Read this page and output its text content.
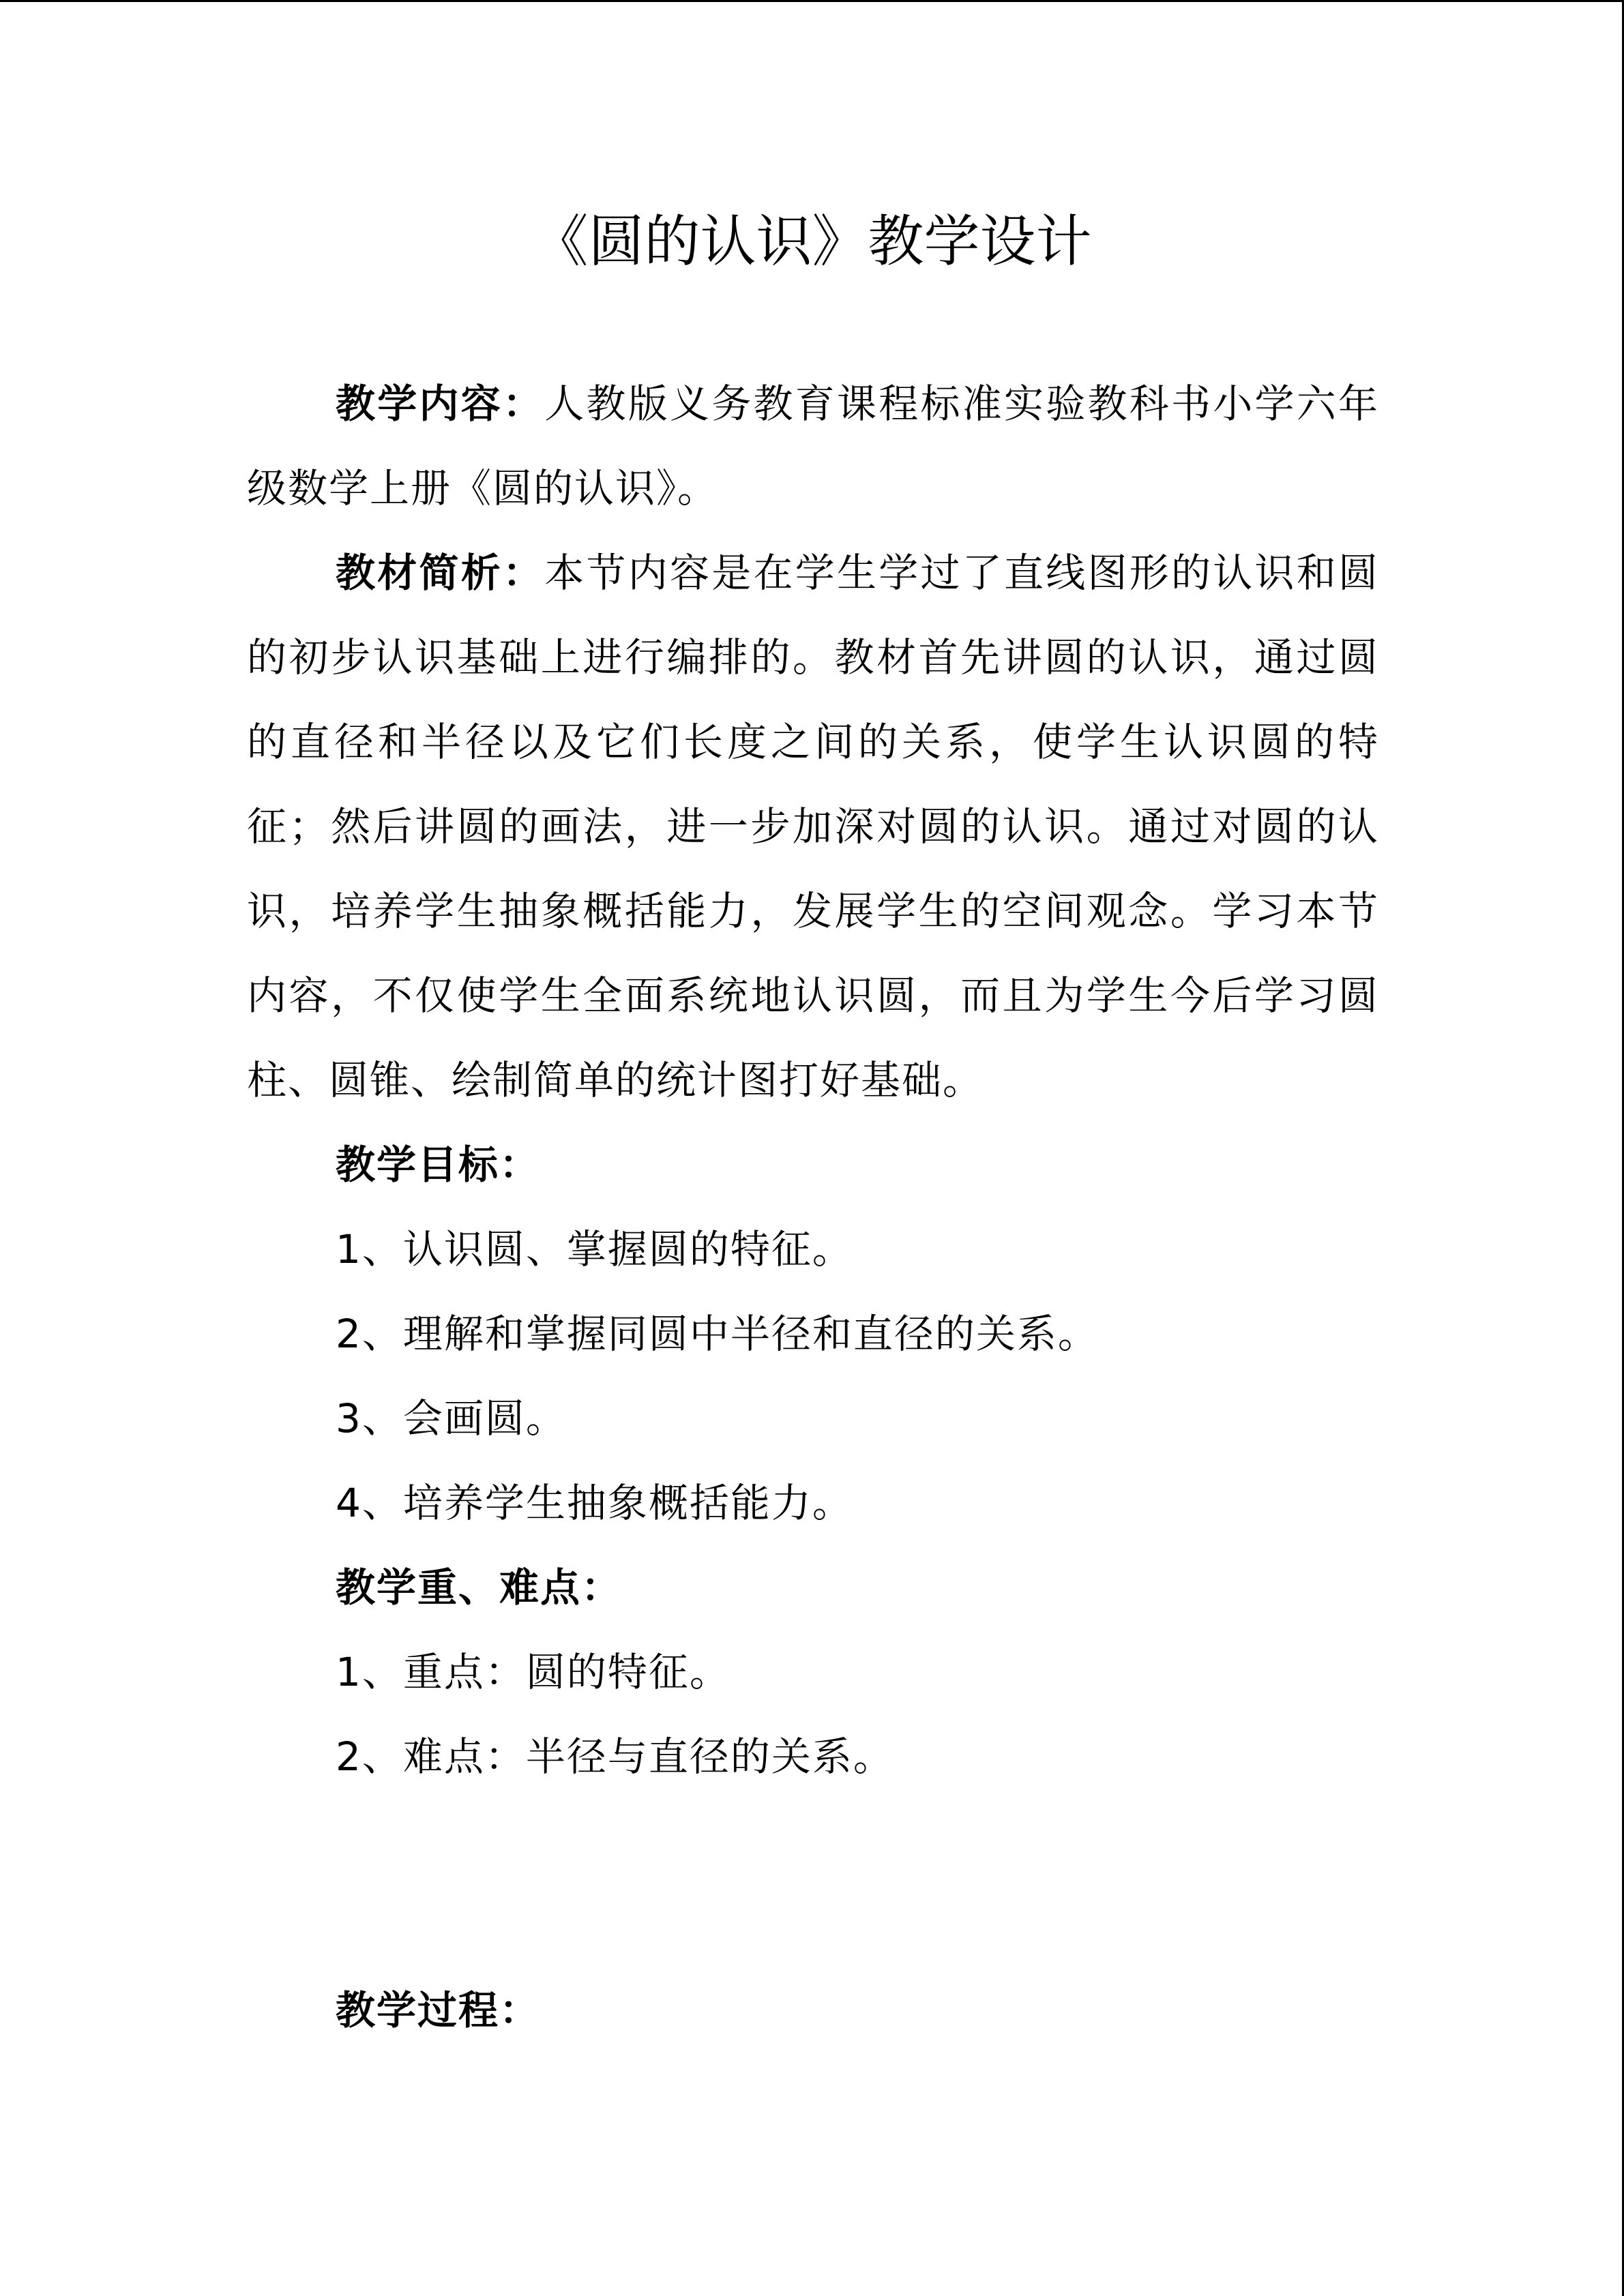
《圆的认识》教学设计

教学内容：人教版义务教育课程标准实验教科书小学六年级数学上册《圆的认识》。

教材简析：本节内容是在学生学过了直线图形的认识和圆的初步认识基础上进行编排的。教材首先讲圆的认识，通过圆的直径和半径以及它们长度之间的关系，使学生认识圆的特征；然后讲圆的画法，进一步加深对圆的认识。通过对圆的认识，培养学生抽象概括能力，发展学生的空间观念。学习本节内容，不仅使学生全面系统地认识圆，而且为学生今后学习圆柱、圆锥、绘制简单的统计图打好基础。

教学目标：

1、认识圆、掌握圆的特征。

2、理解和掌握同圆中半径和直径的关系。

3、会画圆。

4、培养学生抽象概括能力。

教学重、难点：

1、重点：圆的特征。

2、难点：半径与直径的关系。

教学过程：
